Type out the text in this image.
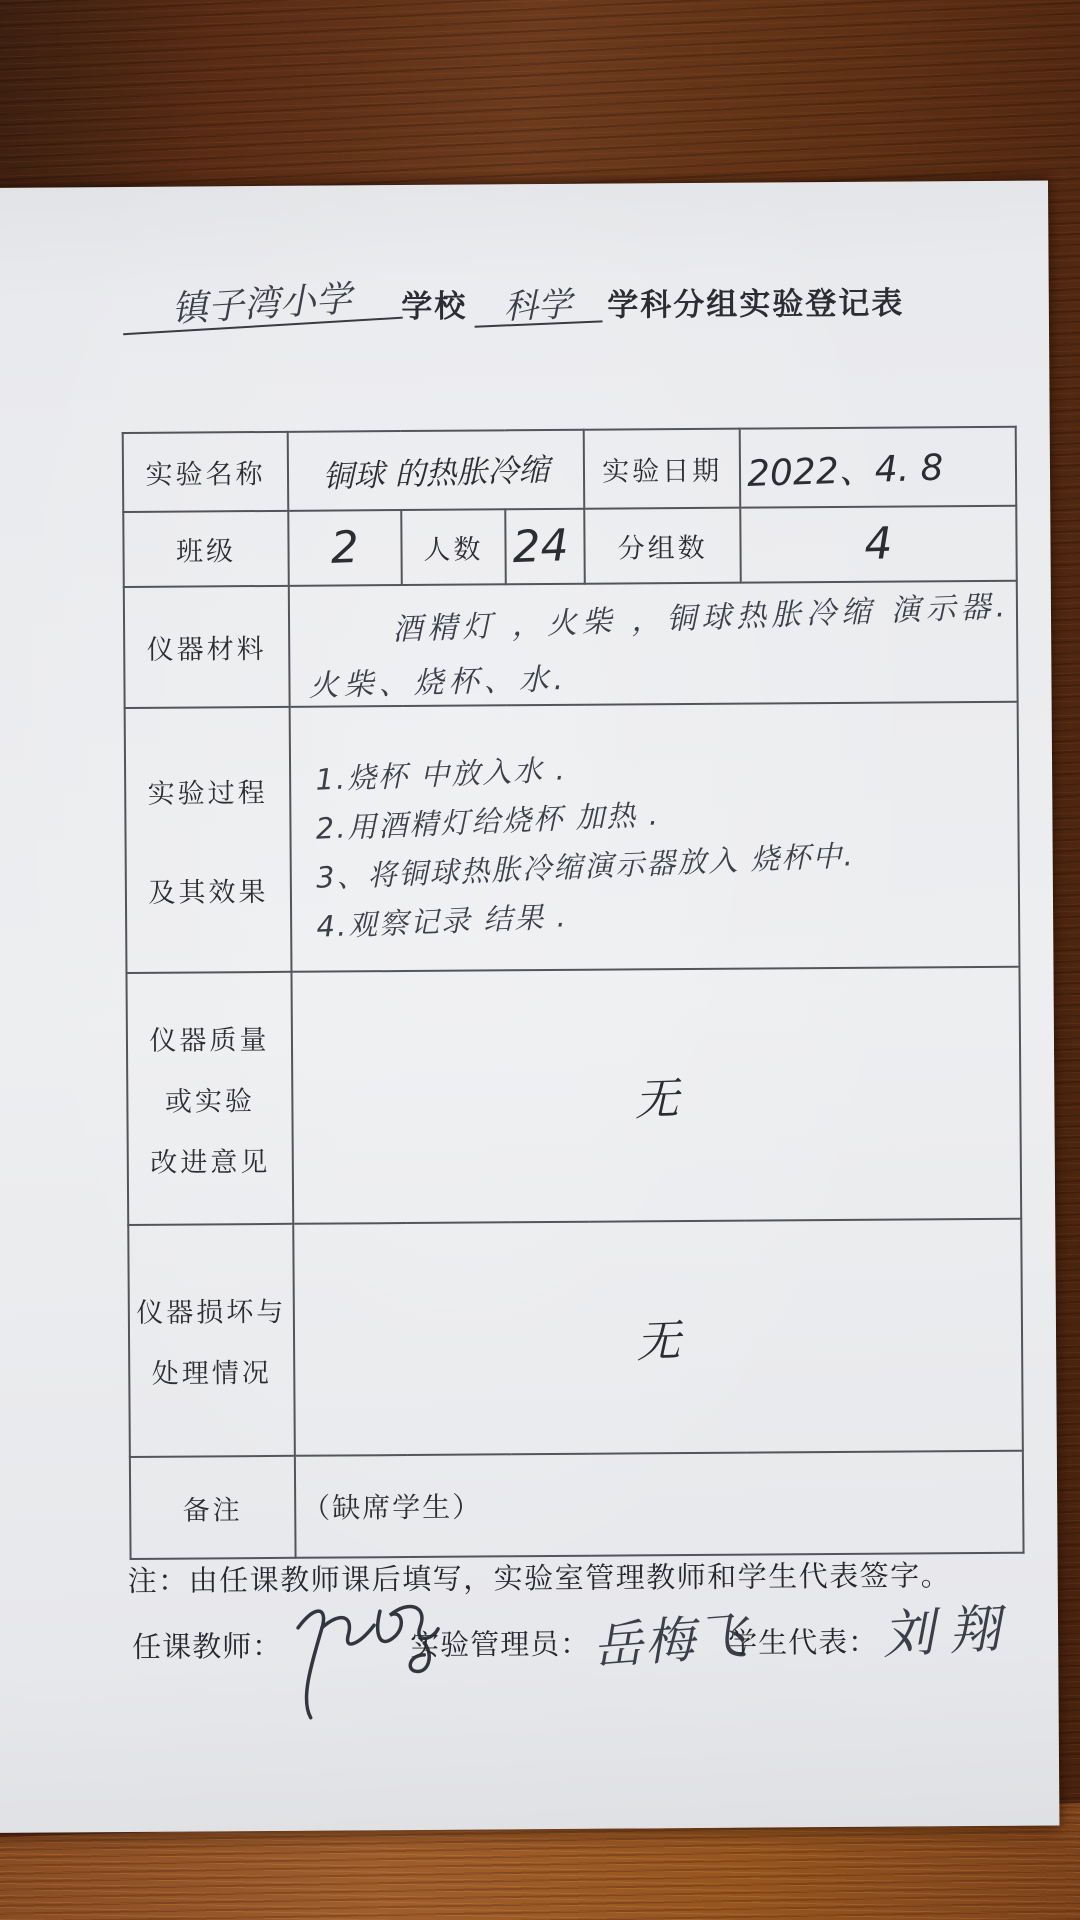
镇子湾小学	学校	科学	学科分组实验登记表
实验名称	铜球 的热胀冷缩			实验日期	2022、4. 8
班级	2	人数	24	分组数	4
仪器材料	酒精灯 ，火柴 ，铜球热胀冷缩 演示器.
火柴、烧杯、水.				

实验过程
及其效果	1.烧杯 中放入水 .
2.用酒精灯给烧杯 加热 .
3、将铜球热胀冷缩演示器放入 烧杯中.
4.观察记录 结果 .				

仪器质量
或实验
改进意见	无				

仪器损坏与
处理情况	无				
备注	（缺席学生）				
注：由任课教师课后填写，实验室管理教师和学生代表签字。
任课教师：	实验管理员： 岳梅飞
学生代表： 刘翔
